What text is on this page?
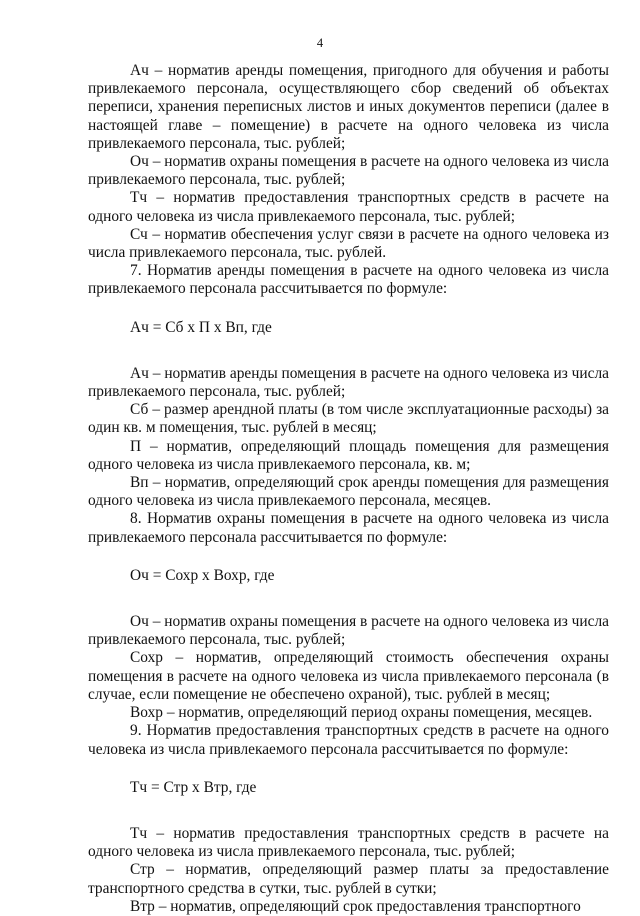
4

Ач – норматив аренды помещения, пригодного для обучения и работы привлекаемого персонала, осуществляющего сбор сведений об объектах переписи, хранения переписных листов и иных документов переписи (далее в настоящей главе – помещение) в расчете на одного человека из числа привлекаемого персонала, тыс. рублей;

Оч – норматив охраны помещения в расчете на одного человека из числа привлекаемого персонала, тыс. рублей;

Тч – норматив предоставления транспортных средств в расчете на одного человека из числа привлекаемого персонала, тыс. рублей;

Сч – норматив обеспечения услуг связи в расчете на одного человека из числа привлекаемого персонала, тыс. рублей.

7. Норматив аренды помещения в расчете на одного человека из числа привлекаемого персонала рассчитывается по формуле:

Ач = Сб х П х Вп, где

Ач – норматив аренды помещения в расчете на одного человека из числа привлекаемого персонала, тыс. рублей;

Сб – размер арендной платы (в том числе эксплуатационные расходы) за один кв. м помещения, тыс. рублей в месяц;

П – норматив, определяющий площадь помещения для размещения одного человека из числа привлекаемого персонала, кв. м;

Вп – норматив, определяющий срок аренды помещения для размещения одного человека из числа привлекаемого персонала, месяцев.

8. Норматив охраны помещения в расчете на одного человека из числа привлекаемого персонала рассчитывается по формуле:

Оч = Сохр х Вохр, где

Оч – норматив охраны помещения в расчете на одного человека из числа привлекаемого персонала, тыс. рублей;

Сохр – норматив, определяющий стоимость обеспечения охраны помещения в расчете на одного человека из числа привлекаемого персонала (в случае, если помещение не обеспечено охраной), тыс. рублей в месяц;

Вохр – норматив, определяющий период охраны помещения, месяцев.

9. Норматив предоставления транспортных средств в расчете на одного человека из числа привлекаемого персонала рассчитывается по формуле:

Тч = Стр х Втр, где

Тч – норматив предоставления транспортных средств в расчете на одного человека из числа привлекаемого персонала, тыс. рублей;

Стр – норматив, определяющий размер платы за предоставление транспортного средства в сутки, тыс. рублей в сутки;

Втр – норматив, определяющий срок предоставления транспортного
